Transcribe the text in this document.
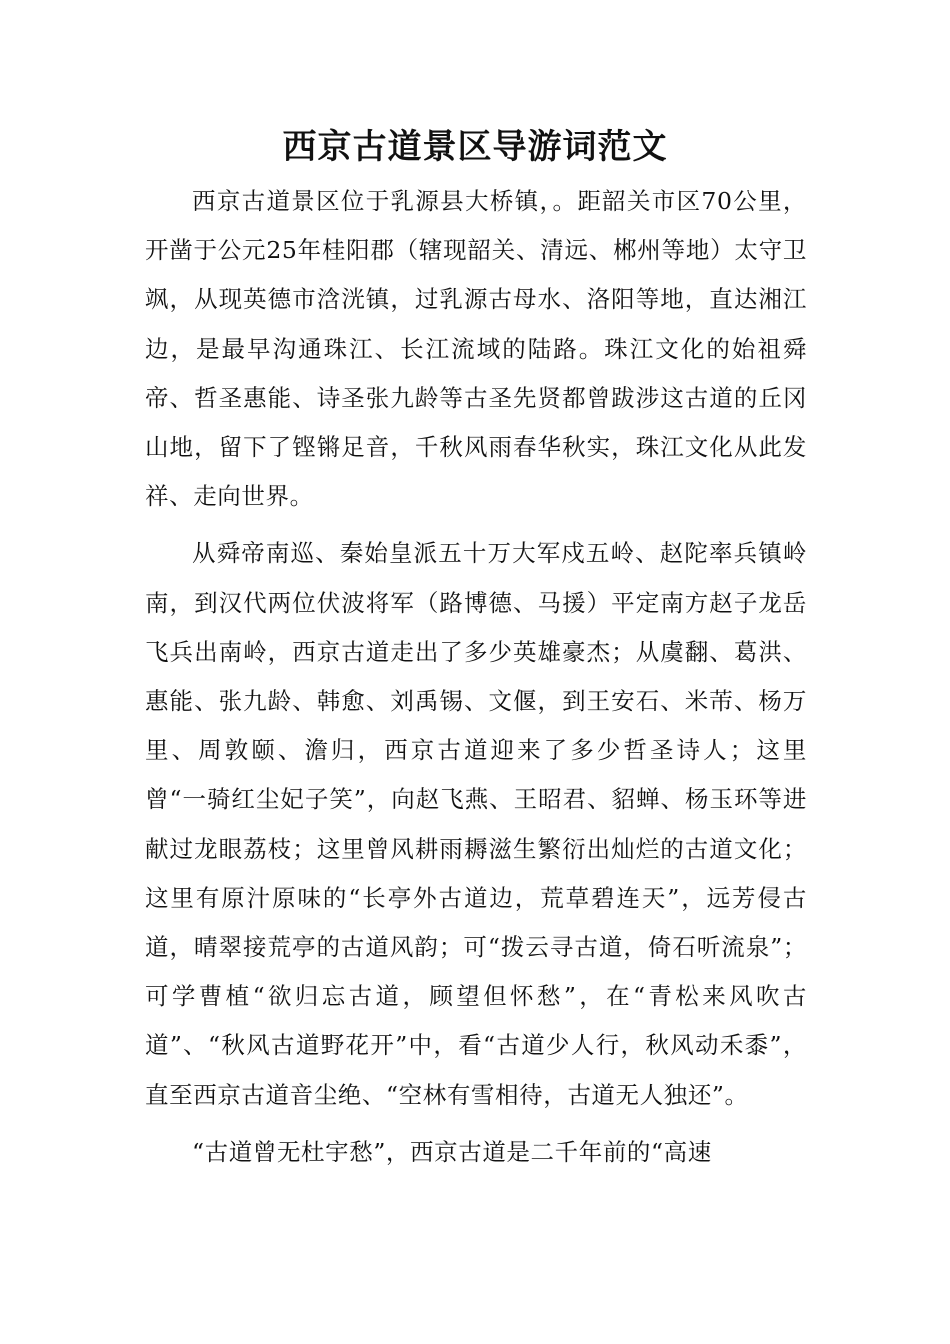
西京古道景区导游词范文

西京古道景区位于乳源县大桥镇，。距韶关市区70公里，开凿于公元25年桂阳郡（辖现韶关、清远、郴州等地）太守卫飒，从现英德市浛洸镇，过乳源古母水、洛阳等地，直达湘江边，是最早沟通珠江、长江流域的陆路。珠江文化的始祖舜帝、哲圣惠能、诗圣张九龄等古圣先贤都曾跋涉这古道的丘冈山地，留下了铿锵足音，千秋风雨春华秋实，珠江文化从此发祥、走向世界。

从舜帝南巡、秦始皇派五十万大军戍五岭、赵陀率兵镇岭南，到汉代两位伏波将军（路博德、马援）平定南方赵子龙岳飞兵出南岭，西京古道走出了多少英雄豪杰；从虞翻、葛洪、惠能、张九龄、韩愈、刘禹锡、文偃，到王安石、米芾、杨万里、周敦颐、澹归，西京古道迎来了多少哲圣诗人；这里曾“一骑红尘妃子笑”，向赵飞燕、王昭君、貂蝉、杨玉环等进献过龙眼荔枝；这里曾风耕雨耨滋生繁衍出灿烂的古道文化；这里有原汁原味的“长亭外古道边，荒草碧连天”，远芳侵古道，晴翠接荒亭的古道风韵；可“拨云寻古道，倚石听流泉”；可学曹植“欲归忘古道，顾望但怀愁”，在“青松来风吹古道”、“秋风古道野花开”中，看“古道少人行，秋风动禾黍”，直至西京古道音尘绝、“空林有雪相待，古道无人独还”。

“古道曾无杜宇愁”，西京古道是二千年前的“高速
